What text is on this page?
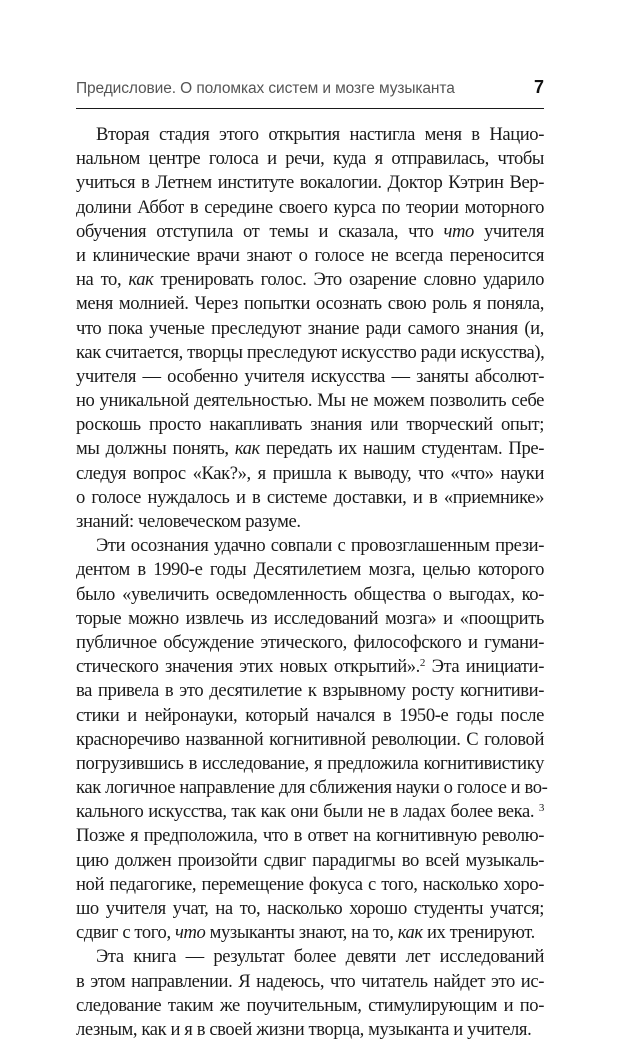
Предисловие. О поломках систем и мозге музыканта	7
Вторая стадия этого открытия настигла меня в Нацио-
нальном центре голоса и речи, куда я отправилась, чтобы
учиться в Летнем институте вокалогии. Доктор Кэтрин Вер-
долини Аббот в середине своего курса по теории моторного
обучения отступила от темы и сказала, что что учителя
и клинические врачи знают о голосе не всегда переносится
на то, как тренировать голос. Это озарение словно ударило
меня молнией. Через попытки осознать свою роль я поняла,
что пока ученые преследуют знание ради самого знания (и,
как считается, творцы преследуют искусство ради искусства),
учителя — особенно учителя искусства — заняты абсолют-
но уникальной деятельностью. Мы не можем позволить себе
роскошь просто накапливать знания или творческий опыт;
мы должны понять, как передать их нашим студентам. Пре-
следуя вопрос «Как?», я пришла к выводу, что «что» науки
о голосе нуждалось и в системе доставки, и в «приемнике»
знаний: человеческом разуме.
Эти осознания удачно совпали с провозглашенным прези-
дентом в 1990-е годы Десятилетием мозга, целью которого
было «увеличить осведомленность общества о выгодах, ко-
торые можно извлечь из исследований мозга» и «поощрить
публичное обсуждение этического, философского и гумани-
стического значения этих новых открытий».$^2$ Эта инициати-
ва привела в это десятилетие к взрывному росту когнитиви-
стики и нейронауки, который начался в 1950-е годы после
красноречиво названной когнитивной революции. С головой
погрузившись в исследование, я предложила когнитивистику
как логичное направление для сближения науки о голосе и во-
кального искусства, так как они были не в ладах более века. $^3$
Позже я предположила, что в ответ на когнитивную револю-
цию должен произойти сдвиг парадигмы во всей музыкаль-
ной педагогике, перемещение фокуса с того, насколько хоро-
шо учителя учат, на то, насколько хорошо студенты учатся;
сдвиг с того, что музыканты знают, на то, как их тренируют.
Эта книга — результат более девяти лет исследований
в этом направлении. Я надеюсь, что читатель найдет это ис-
следование таким же поучительным, стимулирующим и по-
лезным, как и я в своей жизни творца, музыканта и учителя.
